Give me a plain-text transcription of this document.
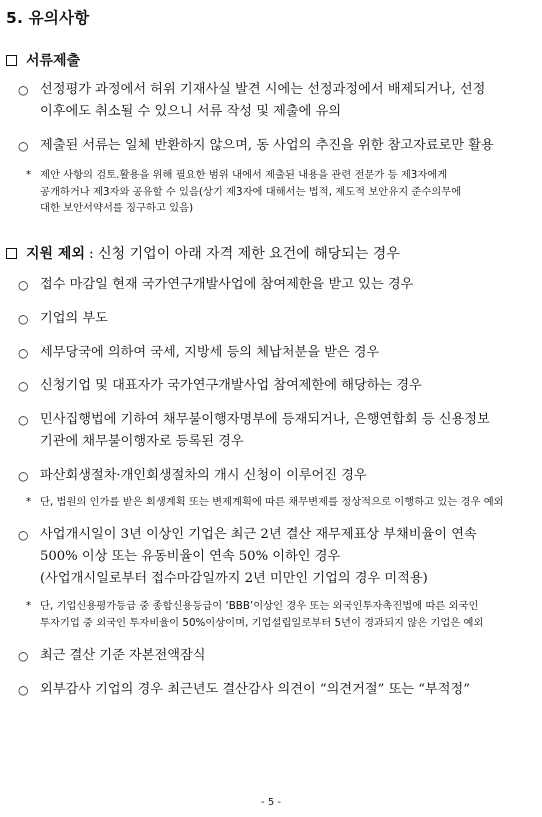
5. 유의사항
서류제출
○ 선정평가 과정에서 허위 기재사실 발견 시에는 선정과정에서 배제되거나, 선정
이후에도 취소될 수 있으니 서류 작성 및 제출에 유의
○ 제출된 서류는 일체 반환하지 않으며, 동 사업의 추진을 위한 참고자료로만 활용
* 제안 사항의 검토.활용을 위해 필요한 범위 내에서 제출된 내용을 관련 전문가 등 제3자에게
공개하거나 제3자와 공유할 수 있음(상기 제3자에 대해서는 법적, 제도적 보안유지 준수의무에
대한 보안서약서를 징구하고 있음)
지원 제외 : 신청 기업이 아래 자격 제한 요건에 해당되는 경우
○ 접수 마감일 현재 국가연구개발사업에 참여제한을 받고 있는 경우
○ 기업의 부도
○ 세무당국에 의하여 국세, 지방세 등의 체납처분을 받은 경우
○ 신청기업 및 대표자가 국가연구개발사업 참여제한에 해당하는 경우
○ 민사집행법에 기하여 채무불이행자명부에 등재되거나, 은행연합회 등 신용정보
기관에 채무불이행자로 등록된 경우
○ 파산회생절차·개인회생절차의 개시 신청이 이루어진 경우
* 단, 법원의 인가를 받은 회생계획 또는 변제계획에 따른 채무변제를 정상적으로 이행하고 있는 경우 예외
○ 사업개시일이 3년 이상인 기업은 최근 2년 결산 재무제표상 부채비율이 연속
500% 이상 또는 유동비율이 연속 50% 이하인 경우
(사업개시일로부터 접수마감일까지 2년 미만인 기업의 경우 미적용)
* 단, 기업신용평가등급 중 종합신용등급이 ‘BBB’이상인 경우 또는 외국인투자촉진법에 따른 외국인
투자기업 중 외국인 투자비율이 50%이상이며, 기업설립일로부터 5년이 경과되지 않은 기업은 예외
○ 최근 결산 기준 자본전액잠식
○ 외부감사 기업의 경우 최근년도 결산감사 의견이 “의견거절” 또는 “부적정”
- 5 -
